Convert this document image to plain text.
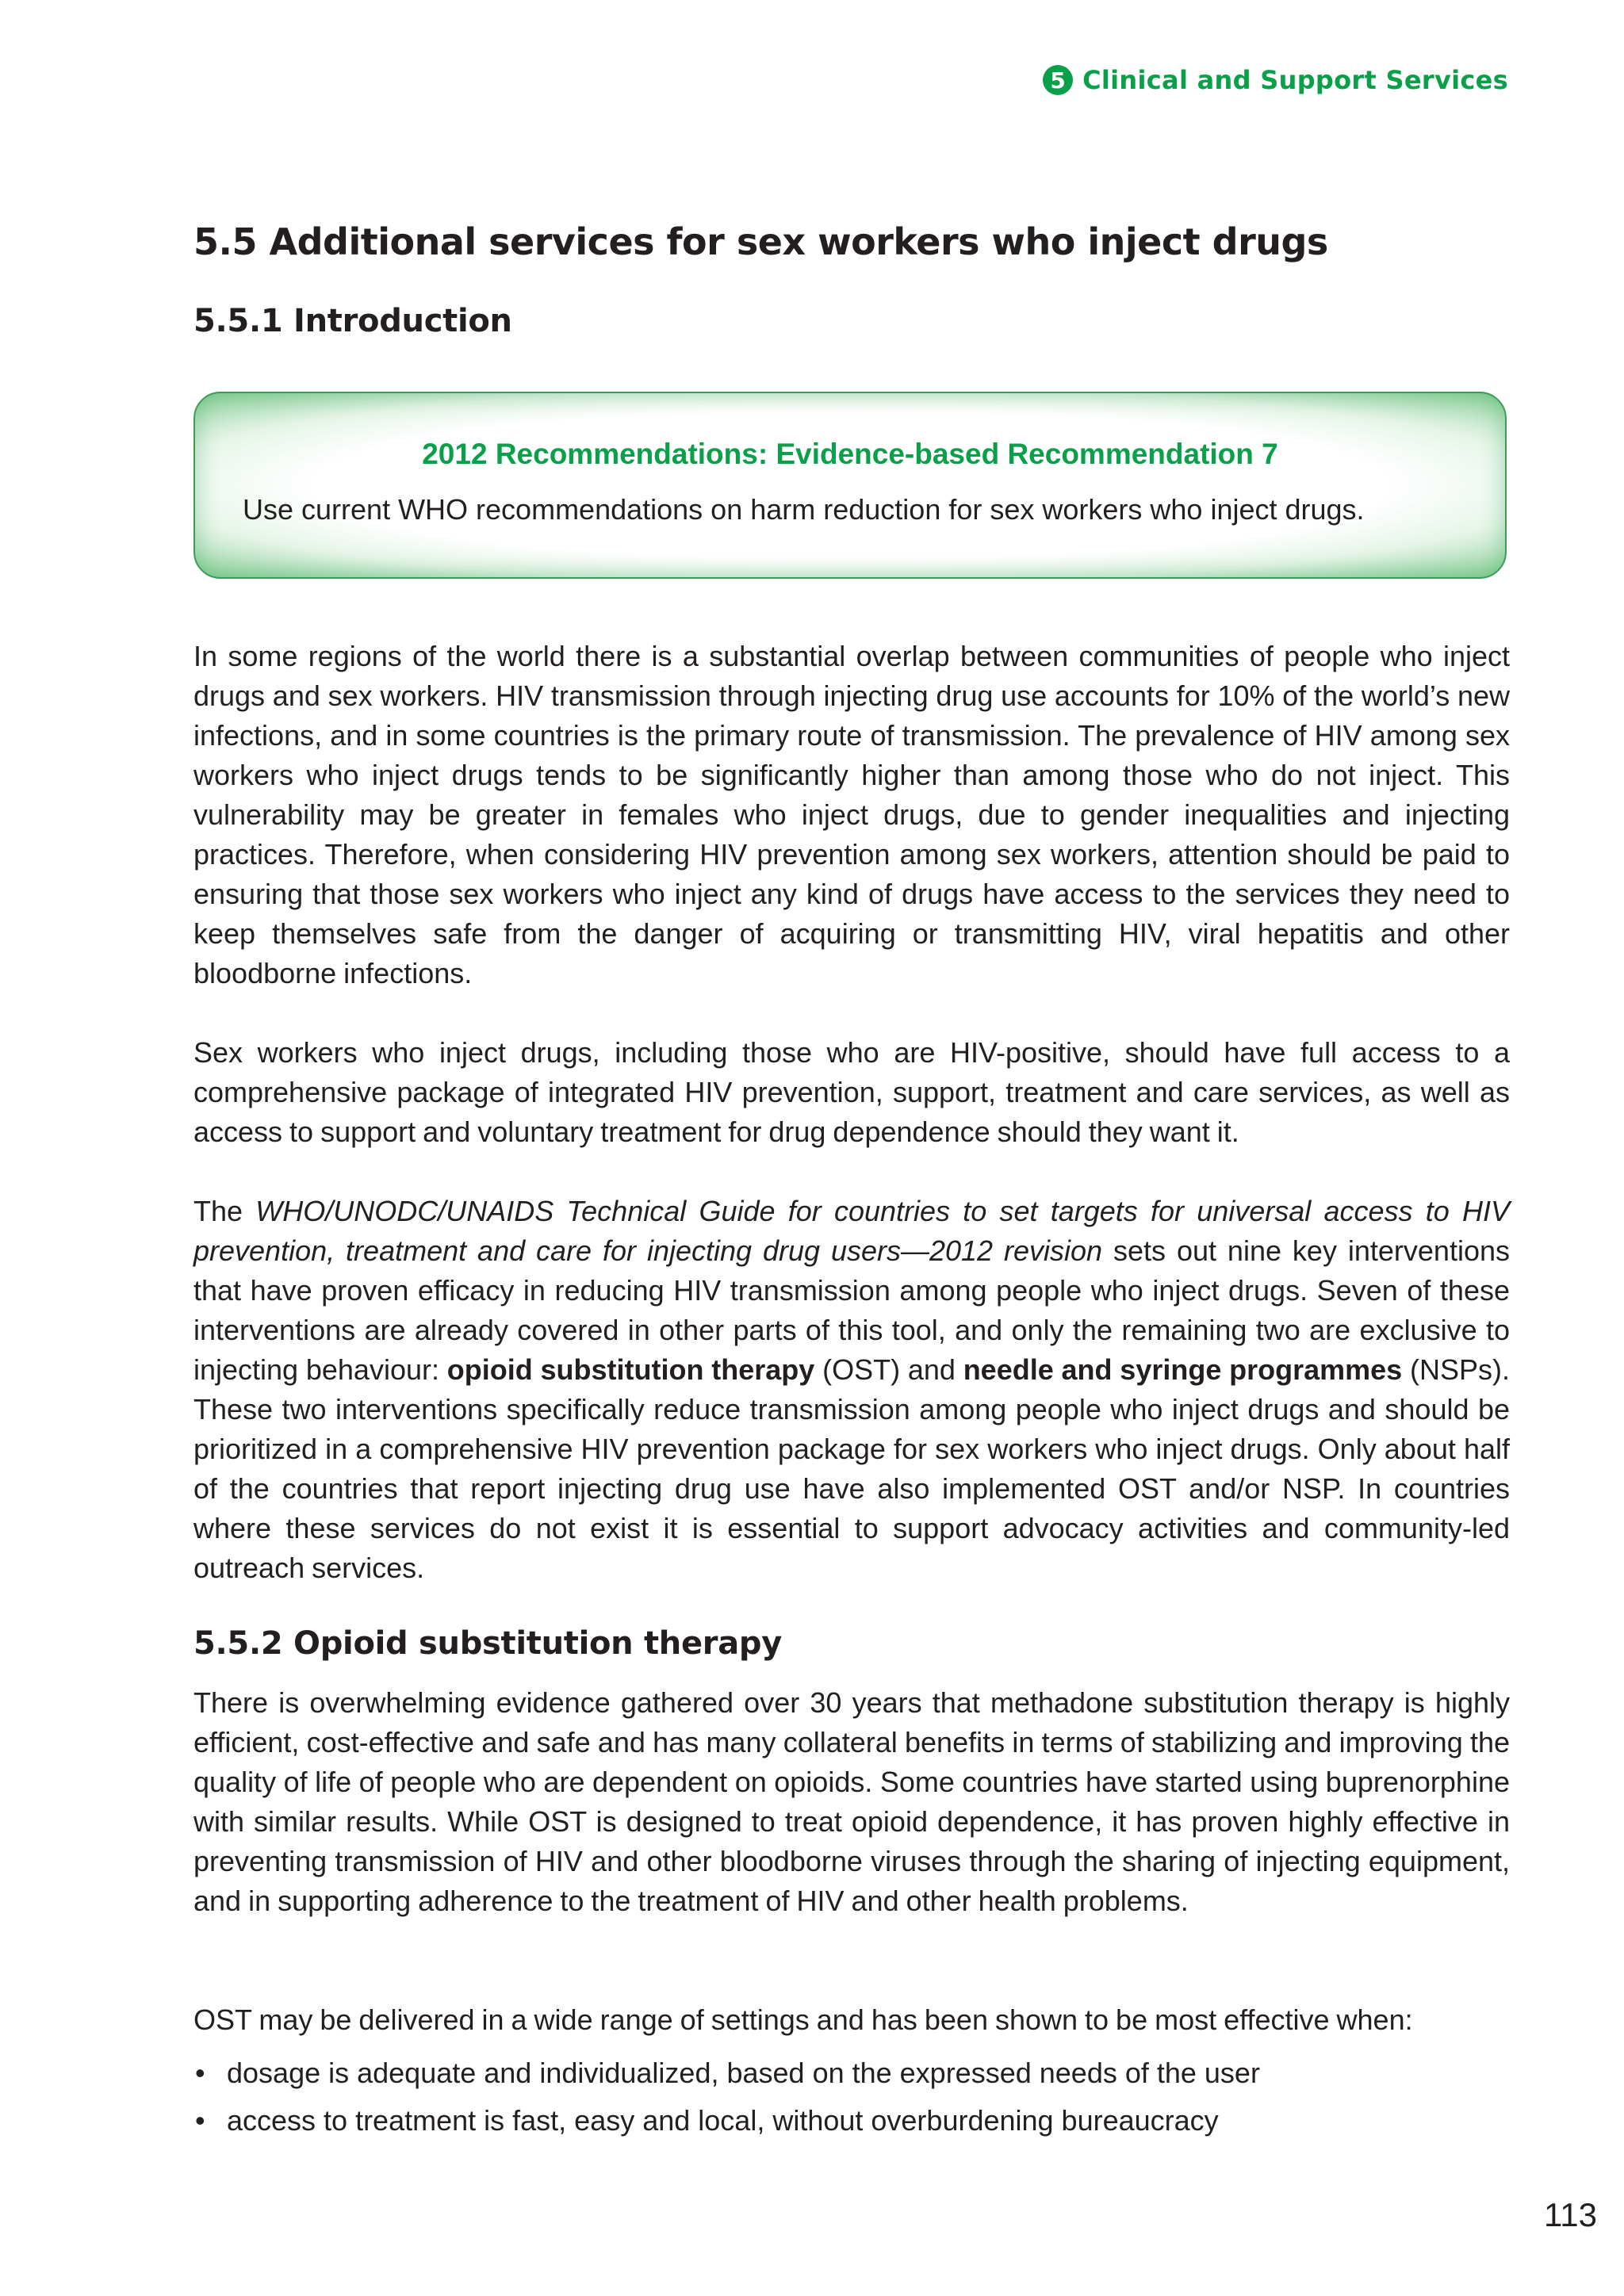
5 Clinical and Support Services
5.5 Additional services for sex workers who inject drugs
5.5.1 Introduction
2012 Recommendations: Evidence-based Recommendation 7
Use current WHO recommendations on harm reduction for sex workers who inject drugs.

In some regions of the world there is a substantial overlap between communities of people who inject drugs and sex workers. HIV transmission through injecting drug use accounts for 10% of the world’s new infections, and in some countries is the primary route of transmission. The prevalence of HIV among sex workers who inject drugs tends to be significantly higher than among those who do not inject. This vulnerability may be greater in females who inject drugs, due to gender inequalities and injecting practices. Therefore, when considering HIV prevention among sex workers, attention should be paid to ensuring that those sex workers who inject any kind of drugs have access to the services they need to keep themselves safe from the danger of acquiring or transmitting HIV, viral hepatitis and other bloodborne infections.

Sex workers who inject drugs, including those who are HIV-positive, should have full access to a comprehensive package of integrated HIV prevention, support, treatment and care services, as well as access to support and voluntary treatment for drug dependence should they want it.

The WHO/UNODC/UNAIDS Technical Guide for countries to set targets for universal access to HIV prevention, treatment and care for injecting drug users—2012 revision sets out nine key interventions that have proven efficacy in reducing HIV transmission among people who inject drugs. Seven of these interventions are already covered in other parts of this tool, and only the remaining two are exclusive to injecting behaviour: opioid substitution therapy (OST) and needle and syringe programmes (NSPs). These two interventions specifically reduce transmission among people who inject drugs and should be prioritized in a comprehensive HIV prevention package for sex workers who inject drugs. Only about half of the countries that report injecting drug use have also implemented OST and/or NSP. In countries where these services do not exist it is essential to support advocacy activities and community-led outreach services.

5.5.2 Opioid substitution therapy

There is overwhelming evidence gathered over 30 years that methadone substitution therapy is highly efficient, cost-effective and safe and has many collateral benefits in terms of stabilizing and improving the quality of life of people who are dependent on opioids. Some countries have started using buprenorphine with similar results. While OST is designed to treat opioid dependence, it has proven highly effective in preventing transmission of HIV and other bloodborne viruses through the sharing of injecting equipment, and in supporting adherence to the treatment of HIV and other health problems.

OST may be delivered in a wide range of settings and has been shown to be most effective when:

• dosage is adequate and individualized, based on the expressed needs of the user
• access to treatment is fast, easy and local, without overburdening bureaucracy
113
